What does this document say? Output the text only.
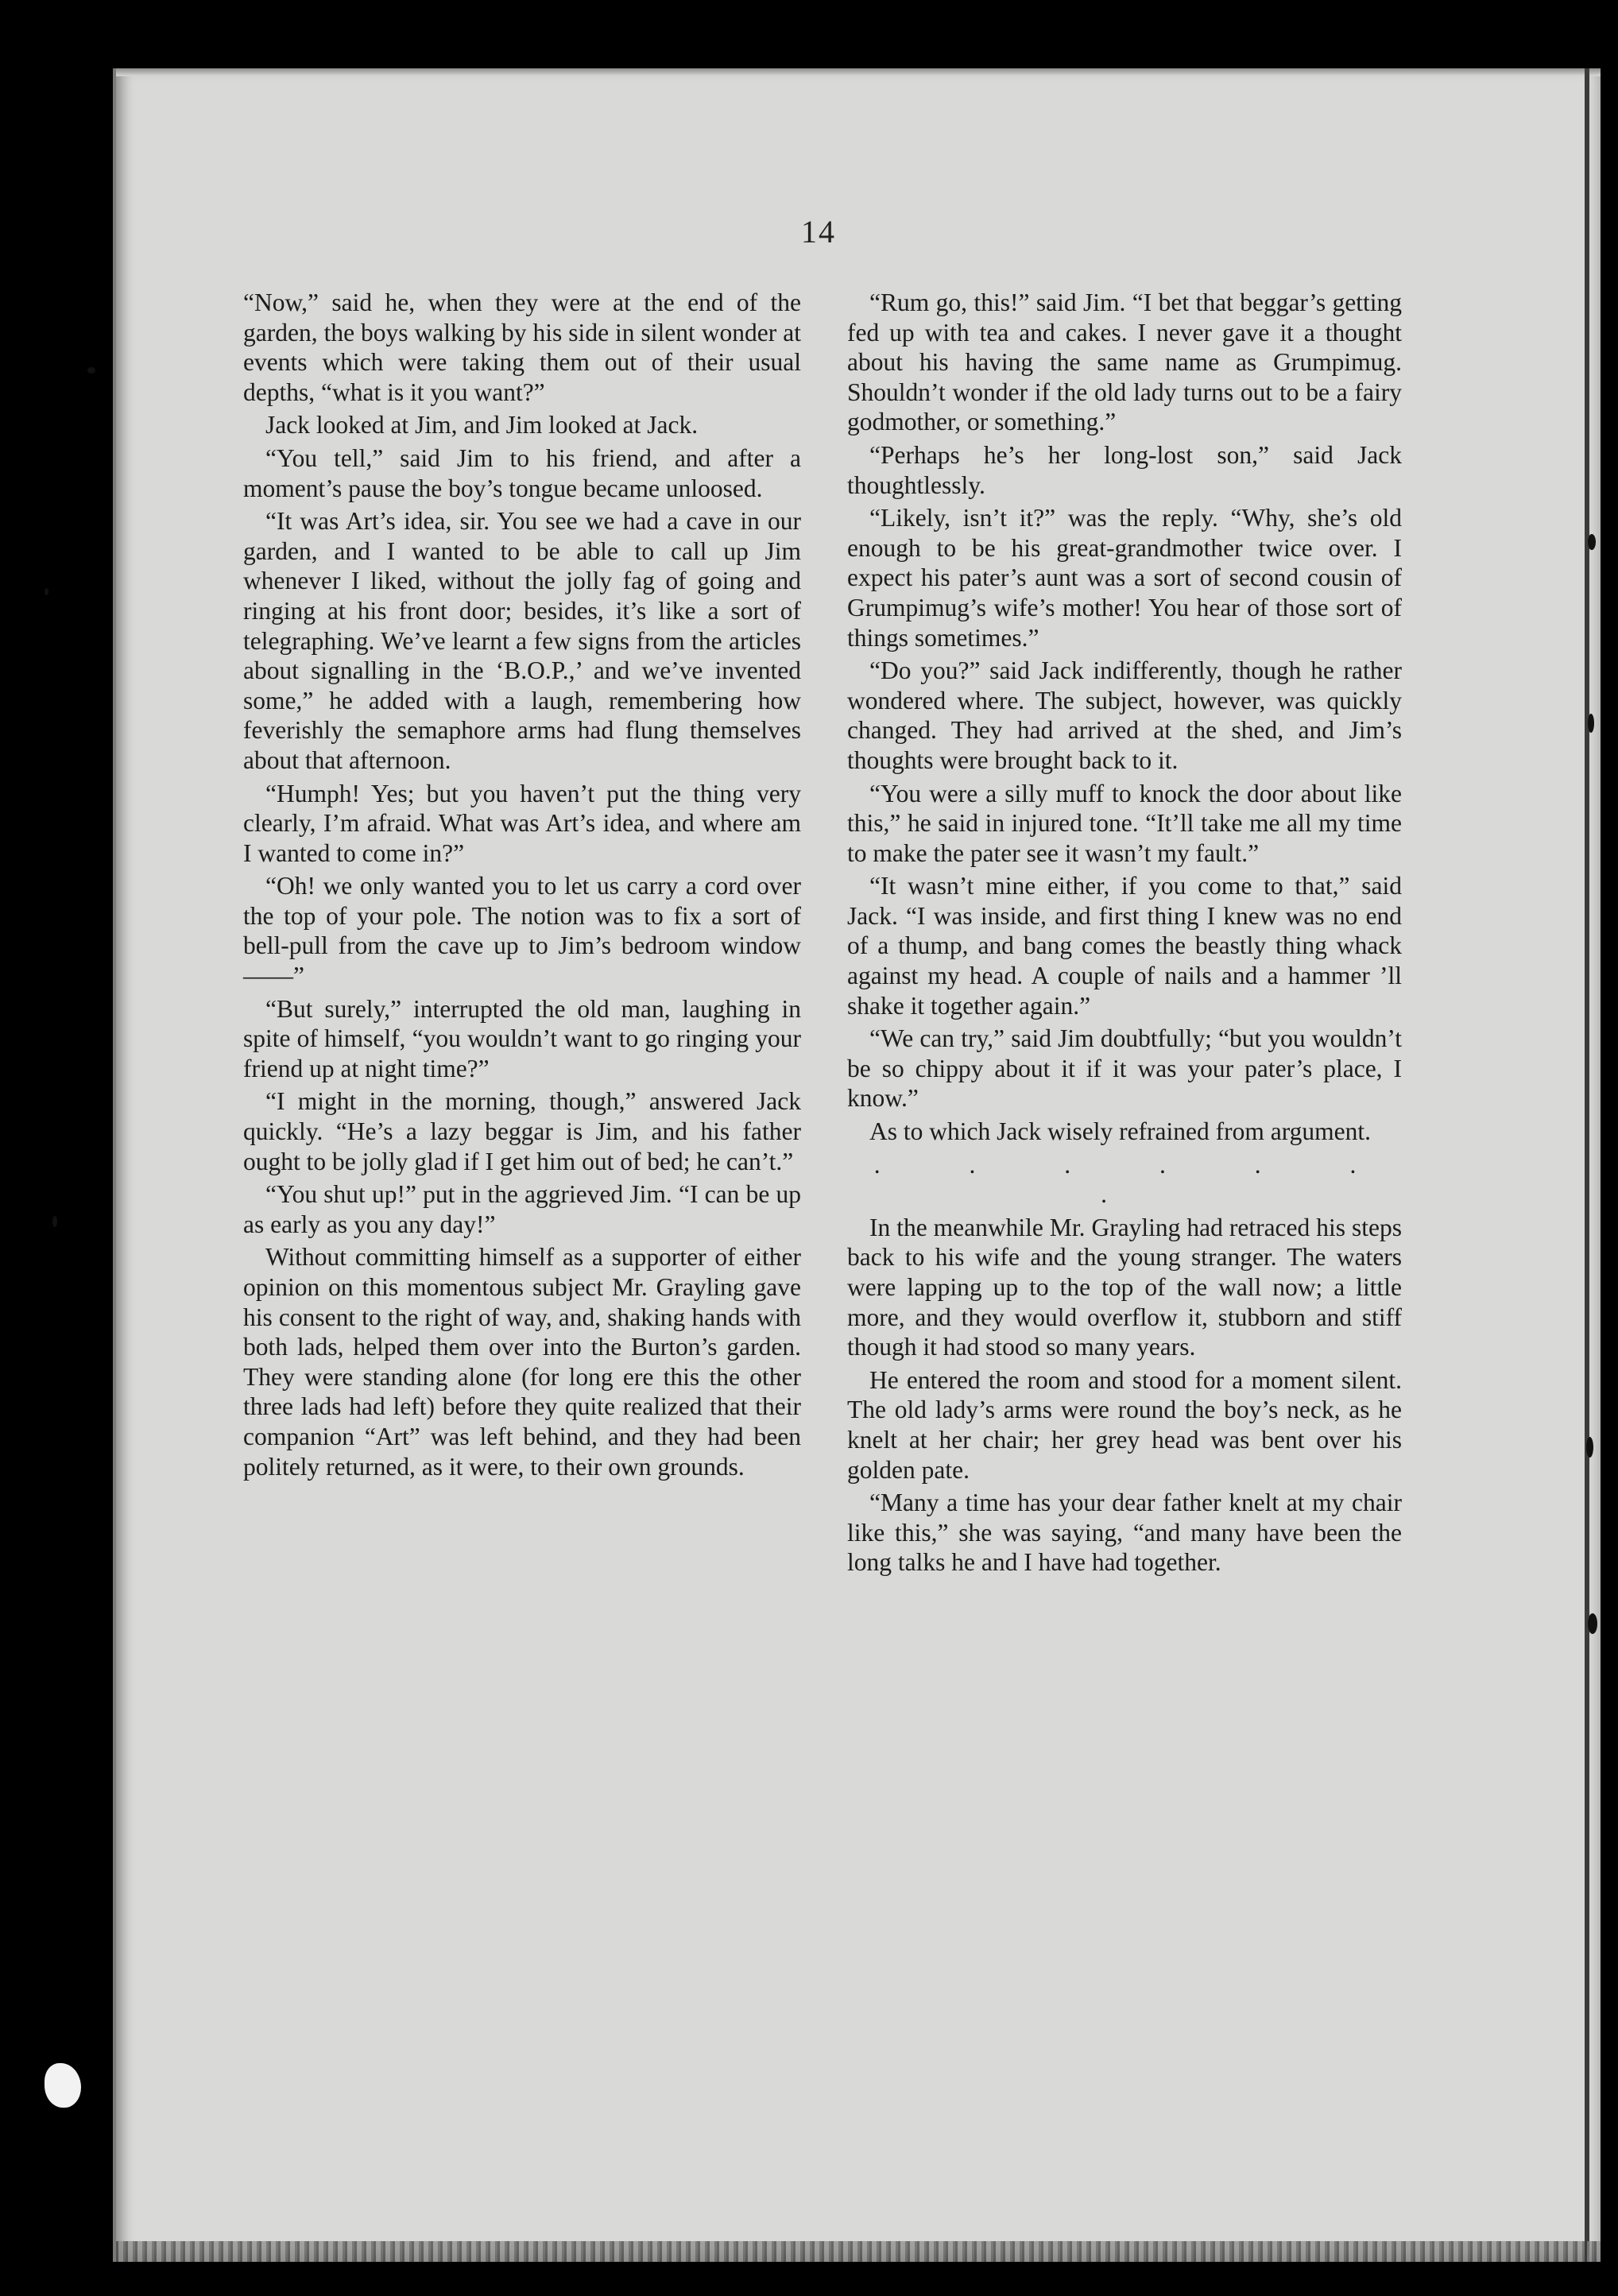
14

“Now,” said he, when they were at the end of the garden, the boys walking by his side in silent wonder at events which were taking them out of their usual depths, “what is it you want?”

Jack looked at Jim, and Jim looked at Jack.

“You tell,” said Jim to his friend, and after a moment’s pause the boy’s tongue became unloosed.

“It was Art’s idea, sir. You see we had a cave in our garden, and I wanted to be able to call up Jim whenever I liked, without the jolly fag of going and ringing at his front door; besides, it’s like a sort of telegraphing. We’ve learnt a few signs from the articles about signalling in the ‘B.O.P.,’ and we’ve invented some,” he added with a laugh, remembering how feverishly the semaphore arms had flung themselves about that afternoon.

“Humph! Yes; but you haven’t put the thing very clearly, I’m afraid. What was Art’s idea, and where am I wanted to come in?”

“Oh! we only wanted you to let us carry a cord over the top of your pole. The notion was to fix a sort of bell-pull from the cave up to Jim’s bedroom window——”

“But surely,” interrupted the old man, laughing in spite of himself, “you wouldn’t want to go ringing your friend up at night time?”

“I might in the morning, though,” answered Jack quickly. “He’s a lazy beggar is Jim, and his father ought to be jolly glad if I get him out of bed; he can’t.”

“You shut up!” put in the aggrieved Jim. “I can be up as early as you any day!”

Without committing himself as a supporter of either opinion on this momentous subject Mr. Grayling gave his consent to the right of way, and, shaking hands with both lads, helped them over into the Burton’s garden. They were standing alone (for long ere this the other three lads had left) before they quite realized that their companion “Art” was left behind, and they had been politely returned, as it were, to their own grounds.

“Rum go, this!” said Jim. “I bet that beggar’s getting fed up with tea and cakes. I never gave it a thought about his having the same name as Grumpimug. Shouldn’t wonder if the old lady turns out to be a fairy godmother, or something.”

“Perhaps he’s her long-lost son,” said Jack thoughtlessly.

“Likely, isn’t it?” was the reply. “Why, she’s old enough to be his great-grandmother twice over. I expect his pater’s aunt was a sort of second cousin of Grumpimug’s wife’s mother! You hear of those sort of things sometimes.”

“Do you?” said Jack indifferently, though he rather wondered where. The subject, however, was quickly changed. They had arrived at the shed, and Jim’s thoughts were brought back to it.

“You were a silly muff to knock the door about like this,” he said in injured tone. “It’ll take me all my time to make the pater see it wasn’t my fault.”

“It wasn’t mine either, if you come to that,” said Jack. “I was inside, and first thing I knew was no end of a thump, and bang comes the beastly thing whack against my head. A couple of nails and a hammer ’ll shake it together again.”

“We can try,” said Jim doubtfully; “but you wouldn’t be so chippy about it if it was your pater’s place, I know.”

As to which Jack wisely refrained from argument.

. . . . . . .

In the meanwhile Mr. Grayling had retraced his steps back to his wife and the young stranger. The waters were lapping up to the top of the wall now; a little more, and they would overflow it, stubborn and stiff though it had stood so many years.

He entered the room and stood for a moment silent. The old lady’s arms were round the boy’s neck, as he knelt at her chair; her grey head was bent over his golden pate.

“Many a time has your dear father knelt at my chair like this,” she was saying, “and many have been the long talks he and I have had together.
